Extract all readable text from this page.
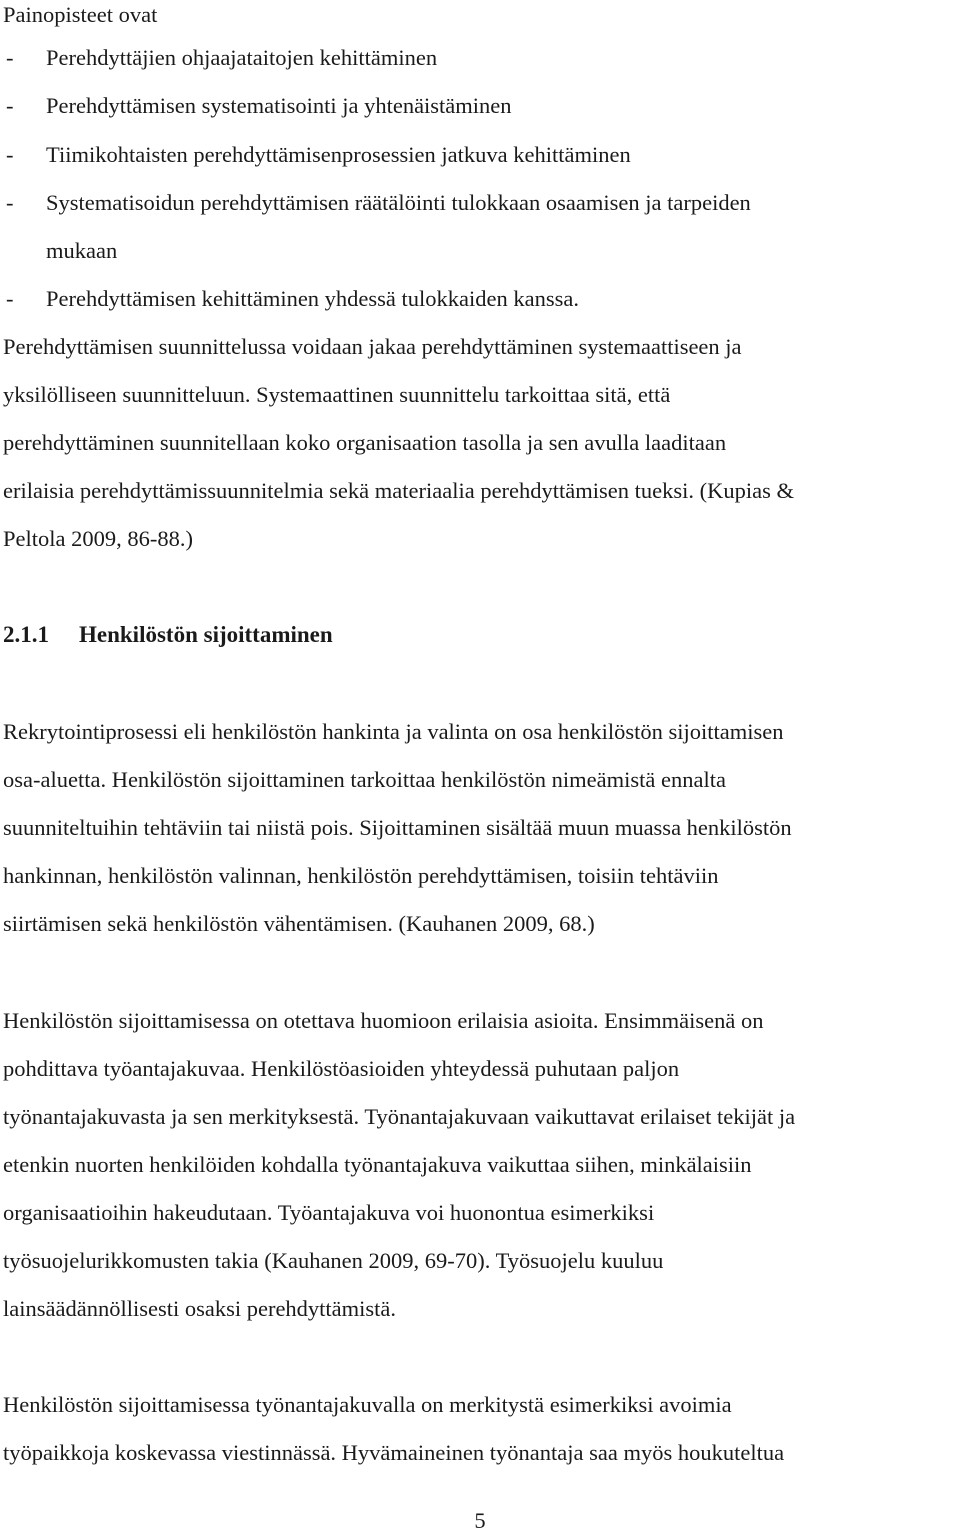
Painopisteet ovat
- Perehdyttäjien ohjaajataitojen kehittäminen
- Perehdyttämisen systematisointi ja yhtenäistäminen
- Tiimikohtaisten perehdyttämisenprosessien jatkuva kehittäminen
- Systematisoidun perehdyttämisen räätälöinti tulokkaan osaamisen ja tarpeiden
mukaan
- Perehdyttämisen kehittäminen yhdessä tulokkaiden kanssa.
Perehdyttämisen suunnittelussa voidaan jakaa perehdyttäminen systemaattiseen ja
yksilölliseen suunnitteluun. Systemaattinen suunnittelu tarkoittaa sitä, että
perehdyttäminen suunnitellaan koko organisaation tasolla ja sen avulla laaditaan
erilaisia perehdyttämissuunnitelmia sekä materiaalia perehdyttämisen tueksi. (Kupias &
Peltola 2009, 86-88.)
2.1.1 Henkilöstön sijoittaminen
Rekrytointiprosessi eli henkilöstön hankinta ja valinta on osa henkilöstön sijoittamisen
osa-aluetta. Henkilöstön sijoittaminen tarkoittaa henkilöstön nimeämistä ennalta
suunniteltuihin tehtäviin tai niistä pois. Sijoittaminen sisältää muun muassa henkilöstön
hankinnan, henkilöstön valinnan, henkilöstön perehdyttämisen, toisiin tehtäviin
siirtämisen sekä henkilöstön vähentämisen. (Kauhanen 2009, 68.)
Henkilöstön sijoittamisessa on otettava huomioon erilaisia asioita. Ensimmäisenä on
pohdittava työantajakuvaa. Henkilöstöasioiden yhteydessä puhutaan paljon
työnantajakuvasta ja sen merkityksestä. Työnantajakuvaan vaikuttavat erilaiset tekijät ja
etenkin nuorten henkilöiden kohdalla työnantajakuva vaikuttaa siihen, minkälaisiin
organisaatioihin hakeudutaan. Työantajakuva voi huonontua esimerkiksi
työsuojelurikkomusten takia (Kauhanen 2009, 69-70). Työsuojelu kuuluu
lainsäädännöllisesti osaksi perehdyttämistä.
Henkilöstön sijoittamisessa työnantajakuvalla on merkitystä esimerkiksi avoimia
työpaikkoja koskevassa viestinnässä. Hyvämaineinen työnantaja saa myös houkuteltua
5
